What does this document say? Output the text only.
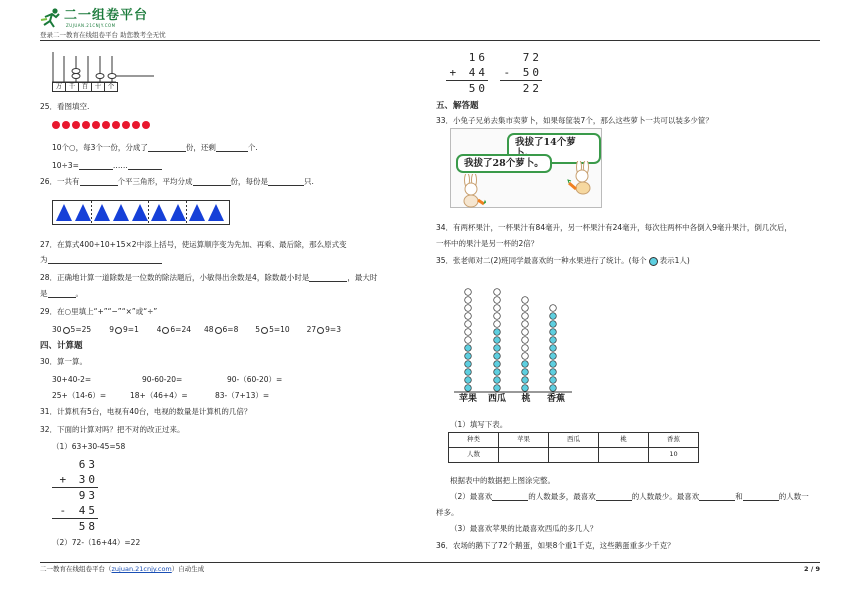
二一组卷平台
ZUJUAN.21CNJY.COM
登录二一教育在线组卷平台 助您教考全无忧
万	千	百	十	个
25．看图填空.
10个○，每3个一份，分成了	份，还剩	个.
10÷3=	……
26．一共有	个平三角形，平均分成	份，每份是	只.
27．在算式400÷10+15×2中添上括号，使运算顺序变为先加、再乘、最后除，那么原式变
为
28．正确地计算一道除数是一位数的除法题后，小敏得出余数是4，除数最小时是	，最大时
是	。
29．在○里填上“+”“−”“×”或“÷”
30 5=25	9 9=1	4 6=24	48 6=8	5 5=10	27 9=3
四、计算题
30．算一算。
30+40-2=	90-60-20=	90-（60-20）=
25+（14-6）=	18+（46+4）=	83-（7+13）=
31．计算机有5台，电视有40台，电视的数量是计算机的几倍？
32．下面的计算对吗？把不对的改正过来。
（1）63+30-45=58
63
+ 30
93
- 45
58
（2）72-（16+44）=22
16
+ 44
50
72
- 50
22
五、解答题
33．小兔子兄弟去集市卖萝卜，如果每筐装7个，那么这些萝卜一共可以装多少筐？
我拔了14个萝
我拔了28个萝卜。
34．有两杯果汁，一杯果汁有84毫升，另一杯果汁有24毫升，每次往两杯中各倒入9毫升果汁，倒几次后，
一杯中的果汁是另一杯的2倍？
35．张老师对二(2)班同学最喜欢的一种水果进行了统计。(每个 表示1人)
苹果	西瓜	桃	香蕉
（1）填写下表。
种类	苹果	西瓜	桃	香蕉
人数				10
根据表中的数据把上图涂完整。
（2）最喜欢	的人数最多，最喜欢	的人数最少。最喜欢	和	的人数一
样多。
（3）最喜欢苹果的比最喜欢西瓜的多几人？
36．农场的鹅下了72个鹅蛋，如果8个重1千克，这些鹅蛋重多少千克？
二一教育在线组卷平台（zujuan.21cnjy.com）自动生成	2 / 9
